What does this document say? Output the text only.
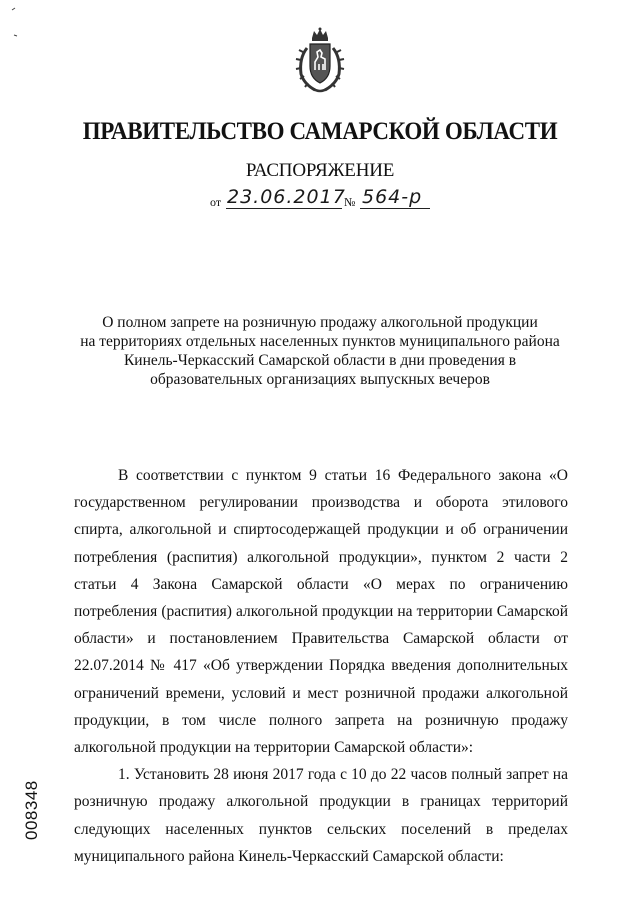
ПРАВИТЕЛЬСТВО САМАРСКОЙ ОБЛАСТИ
РАСПОРЯЖЕНИЕ
от 23.06.2017
№ 564-р
О полном запрете на розничную продажу алкогольной продукции
на территориях отдельных населенных пунктов муниципального района
Кинель-Черкасский Самарской области в дни проведения в
образовательных организациях выпускных вечеров

В соответствии с пунктом 9 статьи 16 Федерального закона «О государственном регулировании производства и оборота этилового спирта, алкогольной и спиртосодержащей продукции и об ограничении потребления (распития) алкогольной продукции», пунктом 2 части 2 статьи 4 Закона Самарской области «О мерах по ограничению потребления (распития) алкогольной продукции на территории Самарской области» и постановлением Правительства Самарской области от 22.07.2014 № 417 «Об утверждении Порядка введения дополнительных ограничений времени, условий и мест розничной продажи алкогольной продукции, в том числе полного запрета на розничную продажу алкогольной продукции на территории Самарской области»:

1. Установить 28 июня 2017 года с 10 до 22 часов полный запрет на розничную продажу алкогольной продукции в границах территорий следующих населенных пунктов сельских поселений в пределах муниципального района Кинель-Черкасский Самарской области:

008348
